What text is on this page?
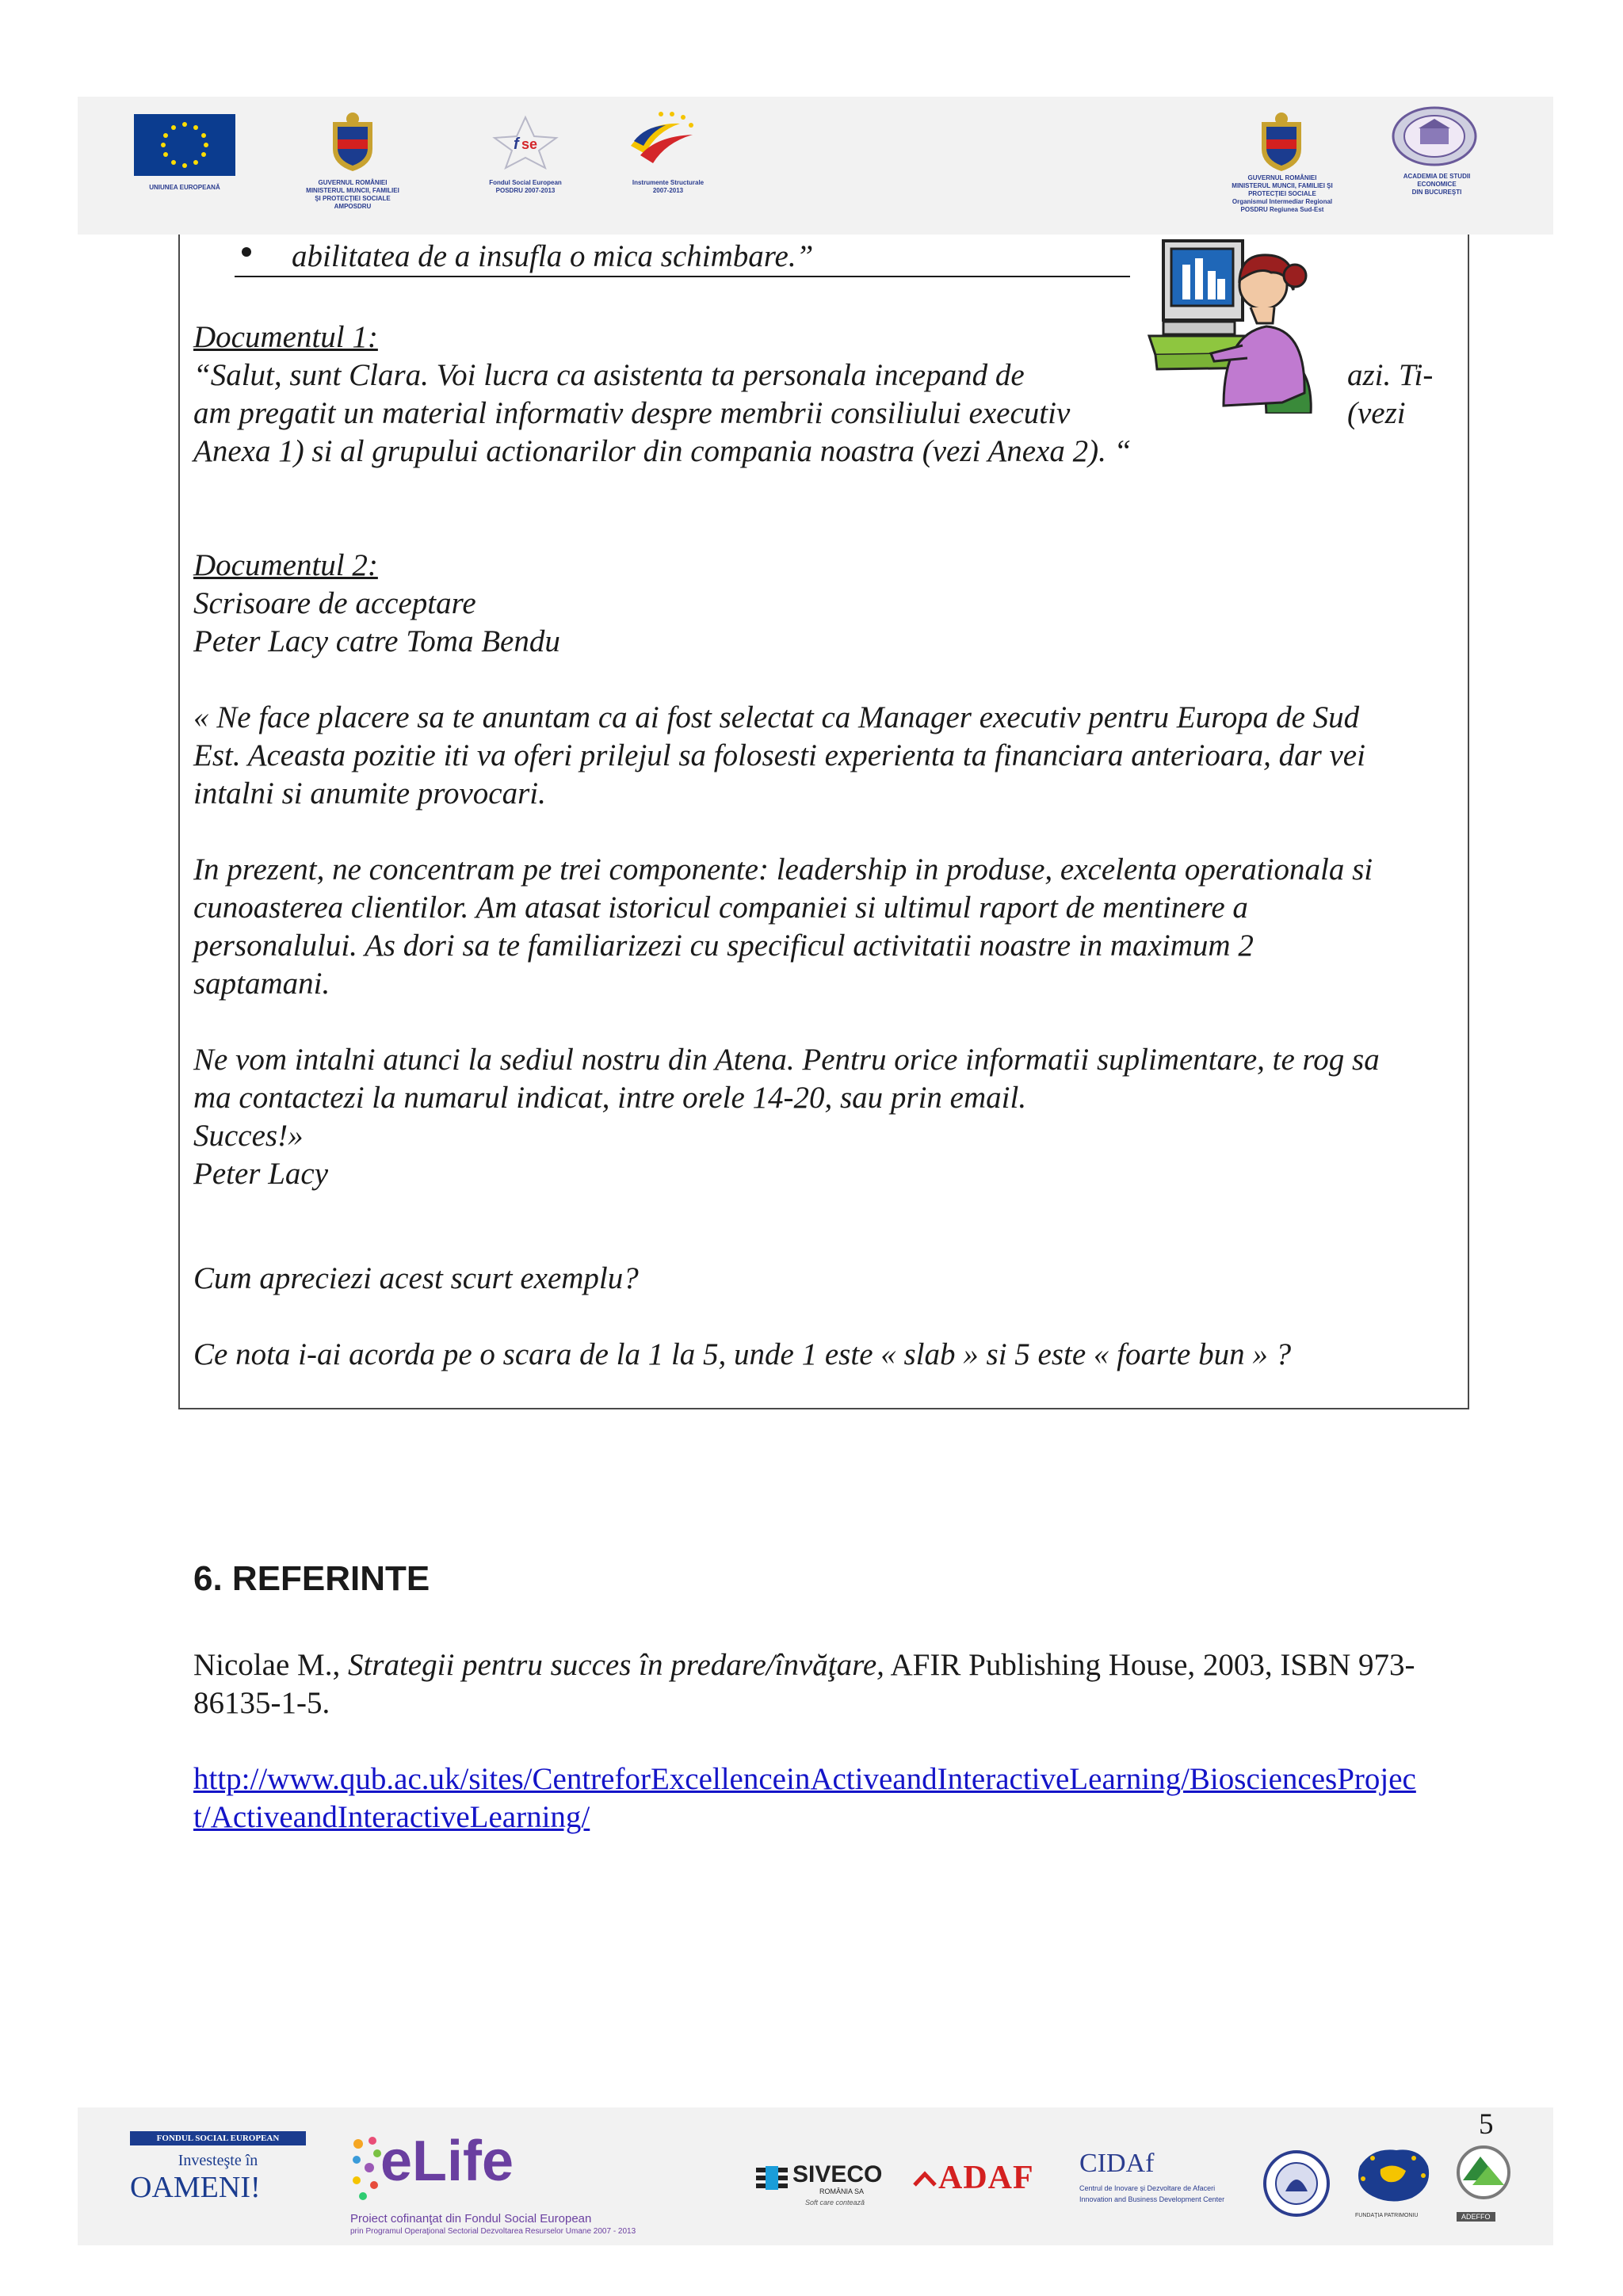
UNIUNEA EUROPEANĂ
GUVERNUL ROMÂNIEI
MINISTERUL MUNCII, FAMILIEI
ŞI PROTECŢIEI SOCIALE
AMPOSDRU
f se
Fondul Social European
POSDRU 2007-2013
Instrumente Structurale
2007-2013
GUVERNUL ROMÂNIEI
MINISTERUL MUNCII, FAMILIEI ŞI
PROTECŢIEI SOCIALE
Organismul Intermediar Regional
POSDRU Regiunea Sud-Est
ACADEMIA DE STUDII
ECONOMICE
DIN BUCUREŞTI
abilitatea de a insufla o mica schimbare.”
Documentul 1:
“Salut, sunt Clara. Voi lucra ca asistenta ta personala incepand de
am pregatit un material informativ despre membrii consiliului executiv
Anexa 1) si al grupului actionarilor din compania noastra (vezi Anexa 2). “
azi. Ti-
(vezi
Documentul 2:
Scrisoare de acceptare
Peter Lacy catre Toma Bendu
« Ne face placere sa te anuntam ca ai fost selectat ca Manager executiv pentru Europa de Sud
Est. Aceasta pozitie iti va oferi prilejul sa folosesti experienta ta financiara anterioara, dar vei
intalni si anumite provocari.
In prezent, ne concentram pe trei componente: leadership in produse, excelenta operationala si
cunoasterea clientilor. Am atasat istoricul companiei si ultimul raport de mentinere a
personalului. As dori sa te familiarizezi cu specificul activitatii noastre in maximum 2
saptamani.
Ne vom intalni atunci la sediul nostru din Atena. Pentru orice informatii suplimentare, te rog sa
ma contactezi la numarul indicat, intre orele 14-20, sau prin email.
Succes!»
Peter Lacy
Cum apreciezi acest scurt exemplu?
Ce nota i-ai acorda pe o scara de la 1 la 5, unde 1 este « slab » si 5 este « foarte bun » ?
6. REFERINTE
Nicolae M., Strategii pentru succes în predare/învăţare, AFIR Publishing House, 2003, ISBN 973-
86135-1-5.
http://www.qub.ac.uk/sites/CentreforExcellenceinActiveandInteractiveLearning/BiosciencesProjec
t/ActiveandInteractiveLearning/
FONDUL SOCIAL EUROPEAN
Investeşte în
OAMENI!	eLife
Proiect cofinanţat din Fondul Social European
prin Programul Operaţional Sectorial Dezvoltarea Resurselor Umane 2007 - 2013
SIVECO
ROMÂNIA SA
Soft care contează
ADAF CIDAf
Centrul de Inovare şi Dezvoltare de Afaceri
Innovation and Business Development Center
FUNDAŢIA PATRIMONIU	ADEFFO
5
